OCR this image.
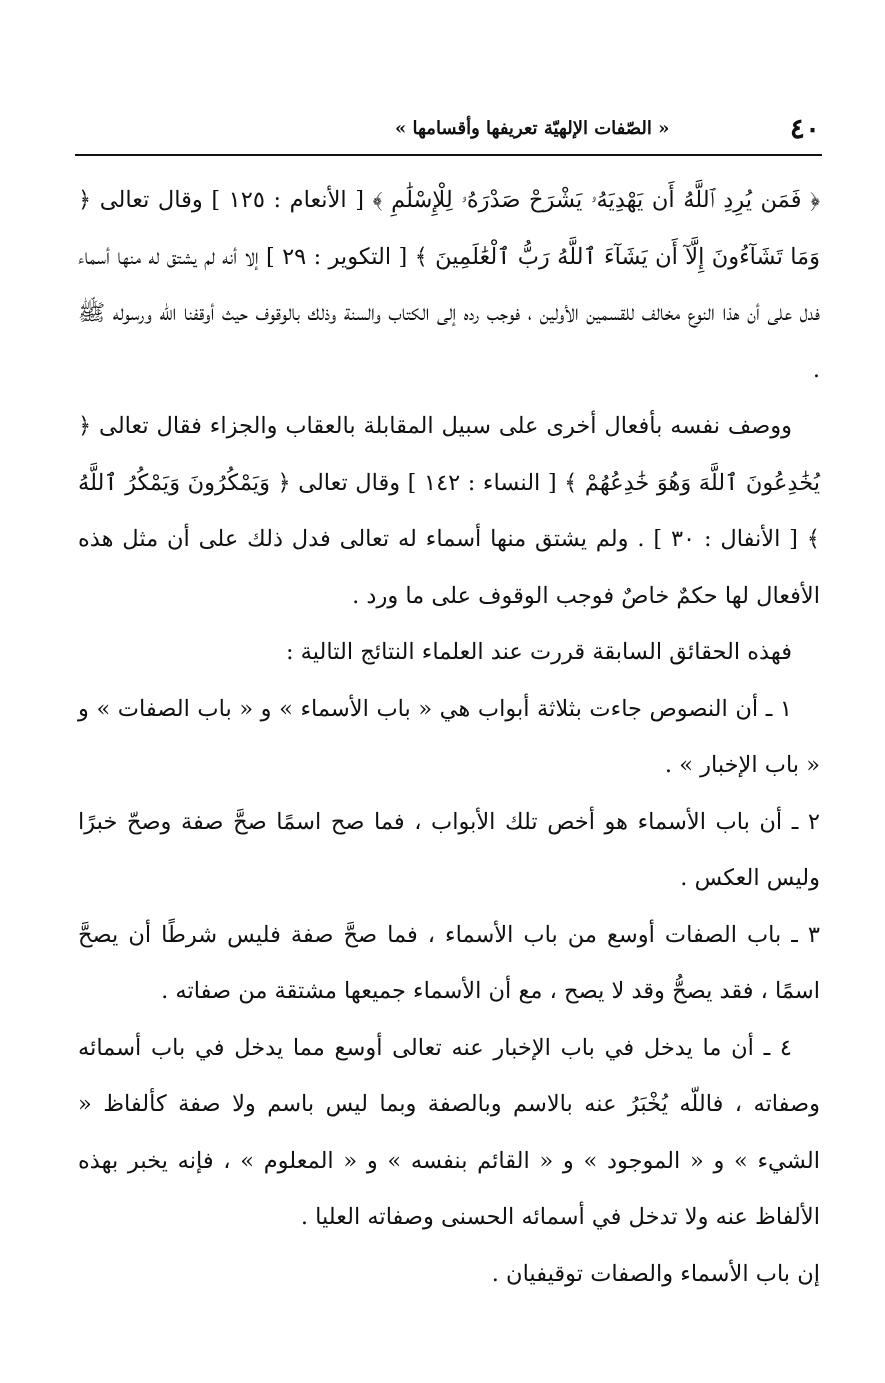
« الصّفات الإلهيّة تعريفها وأقسامها »	٤٠

﴿ فَمَن يُرِدِ ٱللَّهُ أَن يَهْدِيَهُۥ يَشْرَحْ صَدْرَهُۥ لِلْإِسْلَٰمِ ﴾ [ الأنعام : ١٢٥ ] وقال تعالى ﴿ وَمَا تَشَآءُونَ إِلَّآ أَن يَشَآءَ ٱللَّهُ رَبُّ ٱلْعَٰلَمِينَ ﴾ [ التكوير : ٢٩ ] إلا أنه لم يشتق له منها أسماء فدل على أن هذا النوع مخالف للقسمين الأولين ، فوجب رده إلى الكتاب والسنة وذلك بالوقوف حيث أوقفنا اللّه ورسوله ﷺ .

ووصف نفسه بأفعال أخرى على سبيل المقابلة بالعقاب والجزاء فقال تعالى ﴿ يُخَٰدِعُونَ ٱللَّهَ وَهُوَ خَٰدِعُهُمْ ﴾ [ النساء : ١٤٢ ] وقال تعالى ﴿ وَيَمْكُرُونَ وَيَمْكُرُ ٱللَّهُ ﴾ [ الأنفال : ٣٠ ] . ولم يشتق منها أسماء له تعالى فدل ذلك على أن مثل هذه الأفعال لها حكمٌ خاصٌ فوجب الوقوف على ما ورد .

فهذه الحقائق السابقة قررت عند العلماء النتائج التالية :

١ ـ أن النصوص جاءت بثلاثة أبواب هي « باب الأسماء » و « باب الصفات » و « باب الإخبار » .

٢ ـ أن باب الأسماء هو أخص تلك الأبواب ، فما صح اسمًا صحَّ صفة وصحّ خبرًا وليس العكس .

٣ ـ باب الصفات أوسع من باب الأسماء ، فما صحَّ صفة فليس شرطًا أن يصحَّ اسمًا ، فقد يصحُّ وقد لا يصح ، مع أن الأسماء جميعها مشتقة من صفاته .

٤ ـ أن ما يدخل في باب الإخبار عنه تعالى أوسع مما يدخل في باب أسمائه وصفاته ، فاللّه يُخْبَرُ عنه بالاسم وبالصفة وبما ليس باسم ولا صفة كألفاظ « الشيء » و « الموجود » و « القائم بنفسه » و « المعلوم » ، فإنه يخبر بهذه الألفاظ عنه ولا تدخل في أسمائه الحسنى وصفاته العليا .

إن باب الأسماء والصفات توقيفيان .
